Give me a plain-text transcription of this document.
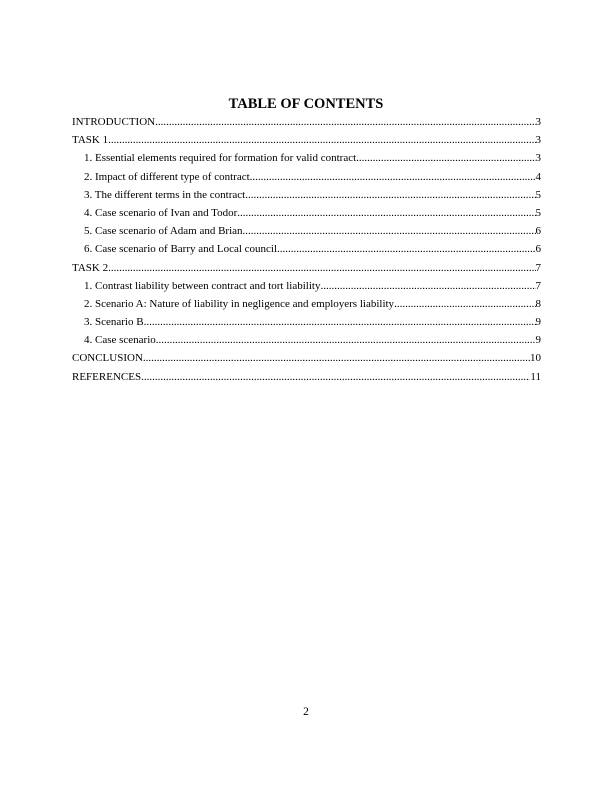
TABLE OF CONTENTS
INTRODUCTION .....	3
TASK 1 .....	3
1. Essential elements required for formation for valid contract .....	3
2. Impact of different type of contract .....	4
3. The different terms in the contract .....	5
4. Case scenario of Ivan and Todor .....	5
5. Case scenario of Adam and Brian .....	6
6. Case scenario of Barry and Local council .....	6
TASK 2 .....	7
1. Contrast liability between contract and tort liability .....	7
2. Scenario A: Nature of liability in negligence and employers liability .....	8
3. Scenario B .....	9
4. Case scenario .....	9
CONCLUSION .....	10
REFERENCES .....	11
2
